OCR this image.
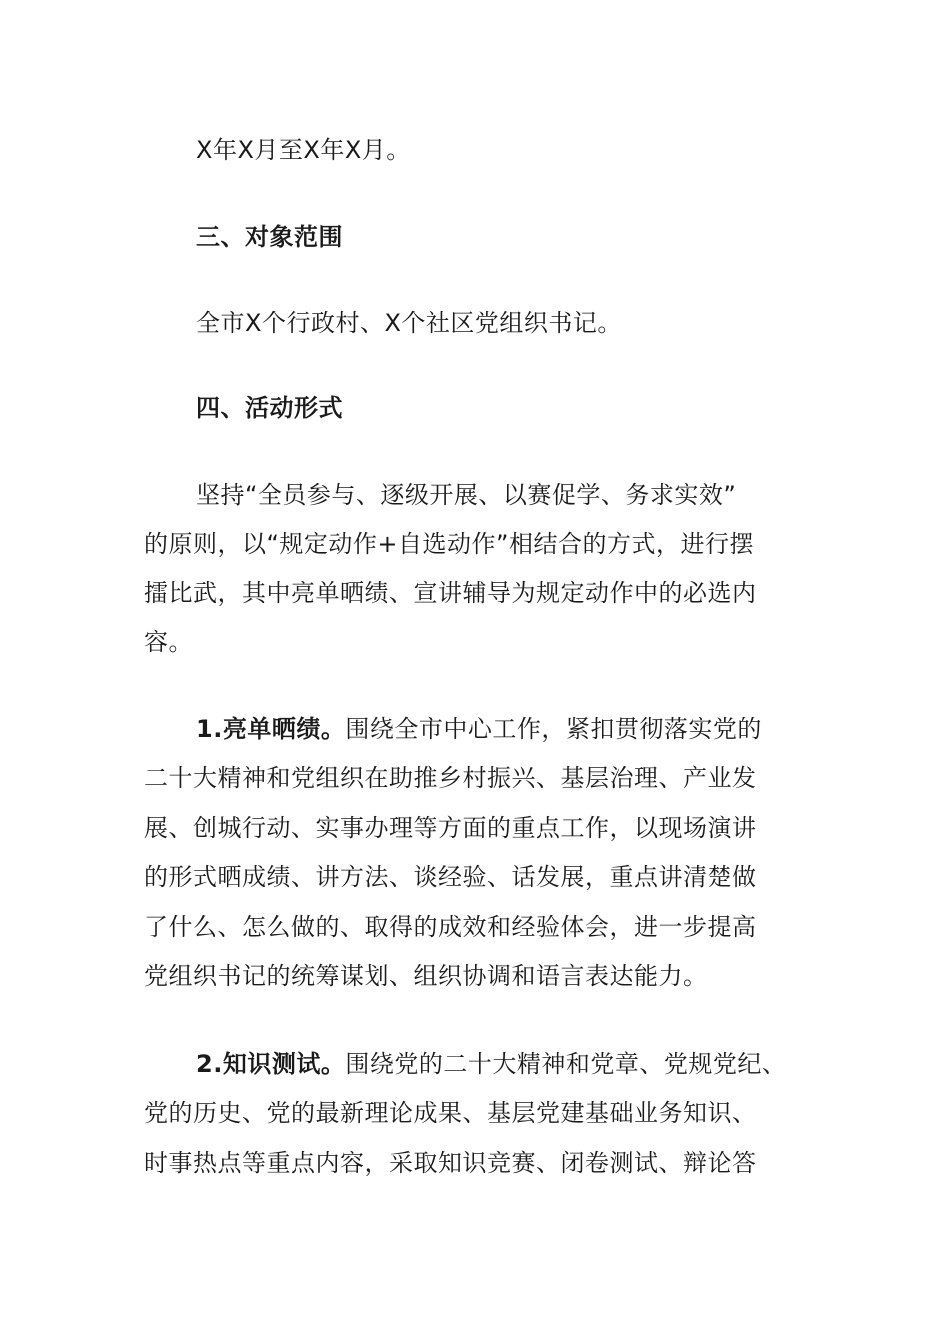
X年X月至X年X月。
三、对象范围
全市X个行政村、X个社区党组织书记。
四、活动形式
坚持“全员参与、逐级开展、以赛促学、务求实效”
的原则，以“规定动作+自选动作”相结合的方式，进行摆
擂比武，其中亮单晒绩、宣讲辅导为规定动作中的必选内
容。
1.亮单晒绩。围绕全市中心工作，紧扣贯彻落实党的
二十大精神和党组织在助推乡村振兴、基层治理、产业发
展、创城行动、实事办理等方面的重点工作，以现场演讲
的形式晒成绩、讲方法、谈经验、话发展，重点讲清楚做
了什么、怎么做的、取得的成效和经验体会，进一步提高
党组织书记的统筹谋划、组织协调和语言表达能力。
2.知识测试。围绕党的二十大精神和党章、党规党纪、
党的历史、党的最新理论成果、基层党建基础业务知识、
时事热点等重点内容，采取知识竞赛、闭卷测试、辩论答
